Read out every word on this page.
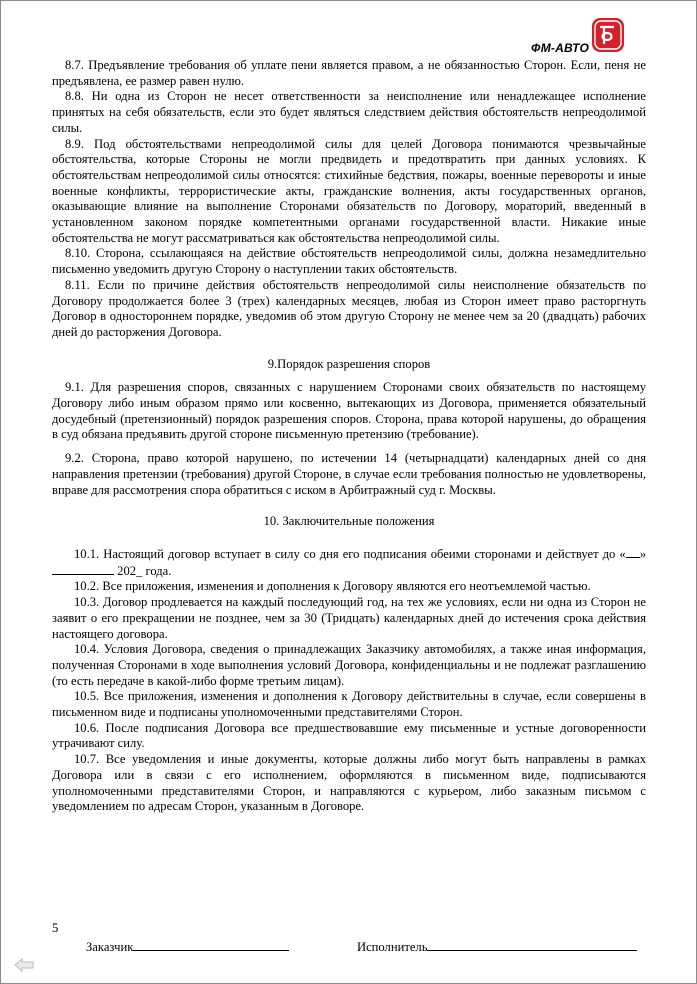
ФМ-АВТО

8.7. Предъявление требования об уплате пени является правом, а не обязанностью Сторон. Если, пеня не предъявлена, ее размер равен нулю.

8.8. Ни одна из Сторон не несет ответственности за неисполнение или ненадлежащее исполнение принятых на себя обязательств, если это будет являться следствием действия обстоятельств непреодолимой силы.

8.9. Под обстоятельствами непреодолимой силы для целей Договора понимаются чрезвычайные обстоятельства, которые Стороны не могли предвидеть и предотвратить при данных условиях. К обстоятельствам непреодолимой силы относятся: стихийные бедствия, пожары, военные перевороты и иные военные конфликты, террористические акты, гражданские волнения, акты государственных органов, оказывающие влияние на выполнение Сторонами обязательств по Договору, мораторий, введенный в установленном законом порядке компетентными органами государственной власти. Никакие иные обстоятельства не могут рассматриваться как обстоятельства непреодолимой силы.

8.10. Сторона, ссылающаяся на действие обстоятельств непреодолимой силы, должна незамедлительно письменно уведомить другую Сторону о наступлении таких обстоятельств.

8.11. Если по причине действия обстоятельств непреодолимой силы неисполнение обязательств по Договору продолжается более 3 (трех) календарных месяцев, любая из Сторон имеет право расторгнуть Договор в одностороннем порядке, уведомив об этом другую Сторону не менее чем за 20 (двадцать) рабочих дней до расторжения Договора.

9.Порядок разрешения споров

9.1. Для разрешения споров, связанных с нарушением Сторонами своих обязательств по настоящему Договору либо иным образом прямо или косвенно, вытекающих из Договора, применяется обязательный досудебный (претензионный) порядок разрешения споров. Сторона, права которой нарушены, до обращения в суд обязана предъявить другой стороне письменную претензию (требование).

9.2. Сторона, право которой нарушено, по истечении 14 (четырнадцати) календарных дней со дня направления претензии (требования) другой Стороне, в случае если требования полностью не удовлетворены, вправе для рассмотрения спора обратиться с иском в Арбитражный суд г. Москвы.

10. Заключительные положения

10.1. Настоящий договор вступает в силу со дня его подписания обеими сторонами и действует до « »  202_ года.

10.2. Все приложения, изменения и дополнения к Договору являются его неотъемлемой частью.

10.3. Договор продлевается на каждый последующий год, на тех же условиях, если ни одна из Сторон не заявит о его прекращении не позднее, чем за 30 (Тридцать) календарных дней до истечения срока действия настоящего договора.

10.4. Условия Договора, сведения о принадлежащих Заказчику автомобилях, а также иная информация, полученная Сторонами в ходе выполнения условий Договора, конфиденциальны и не подлежат разглашению (то есть передаче в какой-либо форме третьим лицам).

10.5. Все приложения, изменения и дополнения к Договору действительны в случае, если совершены в письменном виде и подписаны уполномоченными представителями Сторон.

10.6. После подписания Договора все предшествовавшие ему письменные и устные договоренности утрачивают силу.

10.7. Все уведомления и иные документы, которые должны либо могут быть направлены в рамках Договора или в связи с его исполнением, оформляются в письменном виде, подписываются уполномоченными представителями Сторон, и направляются с курьером, либо заказным письмом с уведомлением по адресам Сторон, указанным в Договоре.

5
Заказчик	Исполнитель
